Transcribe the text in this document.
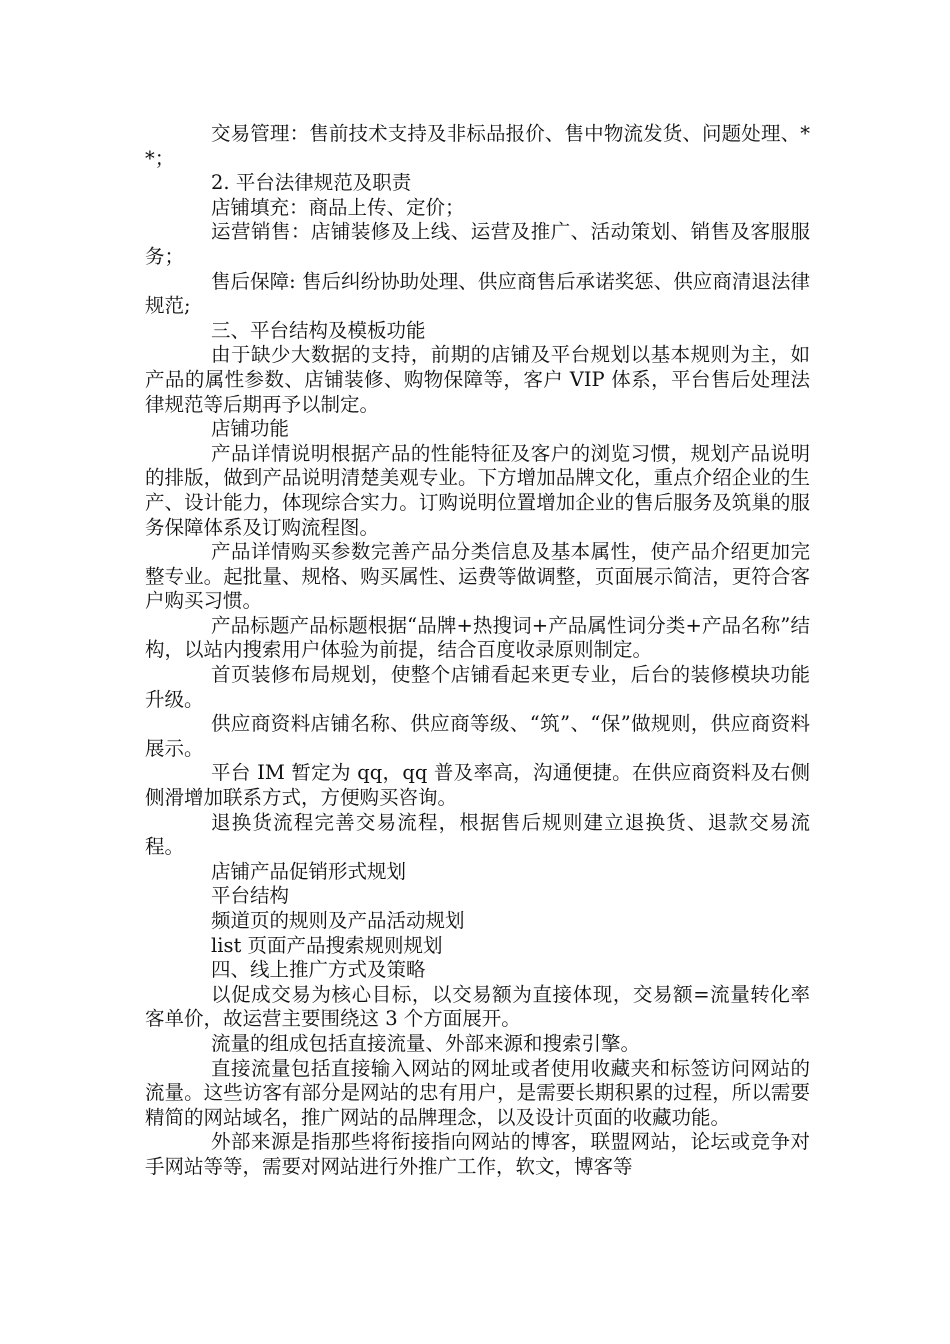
交易管理：售前技术支持及非标品报价、售中物流发货、问题处理、**；

2. 平台法律规范及职责

店铺填充：商品上传、定价；

运营销售：店铺装修及上线、运营及推广、活动策划、销售及客服服务；

售后保障: 售后纠纷协助处理、供应商售后承诺奖惩、供应商清退法律规范;

三、平台结构及模板功能

由于缺少大数据的支持，前期的店铺及平台规划以基本规则为主，如产品的属性参数、店铺装修、购物保障等，客户 VIP 体系，平台售后处理法律规范等后期再予以制定。

店铺功能

产品详情说明根据产品的性能特征及客户的浏览习惯，规划产品说明的排版，做到产品说明清楚美观专业。下方增加品牌文化，重点介绍企业的生产、设计能力，体现综合实力。订购说明位置增加企业的售后服务及筑巢的服务保障体系及订购流程图。

产品详情购买参数完善产品分类信息及基本属性，使产品介绍更加完整专业。起批量、规格、购买属性、运费等做调整，页面展示简洁，更符合客户购买习惯。

产品标题产品标题根据“品牌+热搜词+产品属性词分类+产品名称”结构，以站内搜索用户体验为前提，结合百度收录原则制定。

首页装修布局规划，使整个店铺看起来更专业，后台的装修模块功能升级。

供应商资料店铺名称、供应商等级、“筑”、“保”做规则，供应商资料展示。

平台 IM 暂定为 qq，qq 普及率高，沟通便捷。在供应商资料及右侧侧滑增加联系方式，方便购买咨询。

退换货流程完善交易流程，根据售后规则建立退换货、退款交易流程。

店铺产品促销形式规划

平台结构

频道页的规则及产品活动规划

list 页面产品搜索规则规划

四、线上推广方式及策略

以促成交易为核心目标，以交易额为直接体现，交易额=流量转化率客单价，故运营主要围绕这 3 个方面展开。

流量的组成包括直接流量、外部来源和搜索引擎。

直接流量包括直接输入网站的网址或者使用收藏夹和标签访问网站的流量。这些访客有部分是网站的忠有用户，是需要长期积累的过程，所以需要精简的网站域名，推广网站的品牌理念，以及设计页面的收藏功能。

外部来源是指那些将衔接指向网站的博客，联盟网站，论坛或竞争对手网站等等，需要对网站进行外推广工作，软文，博客等
